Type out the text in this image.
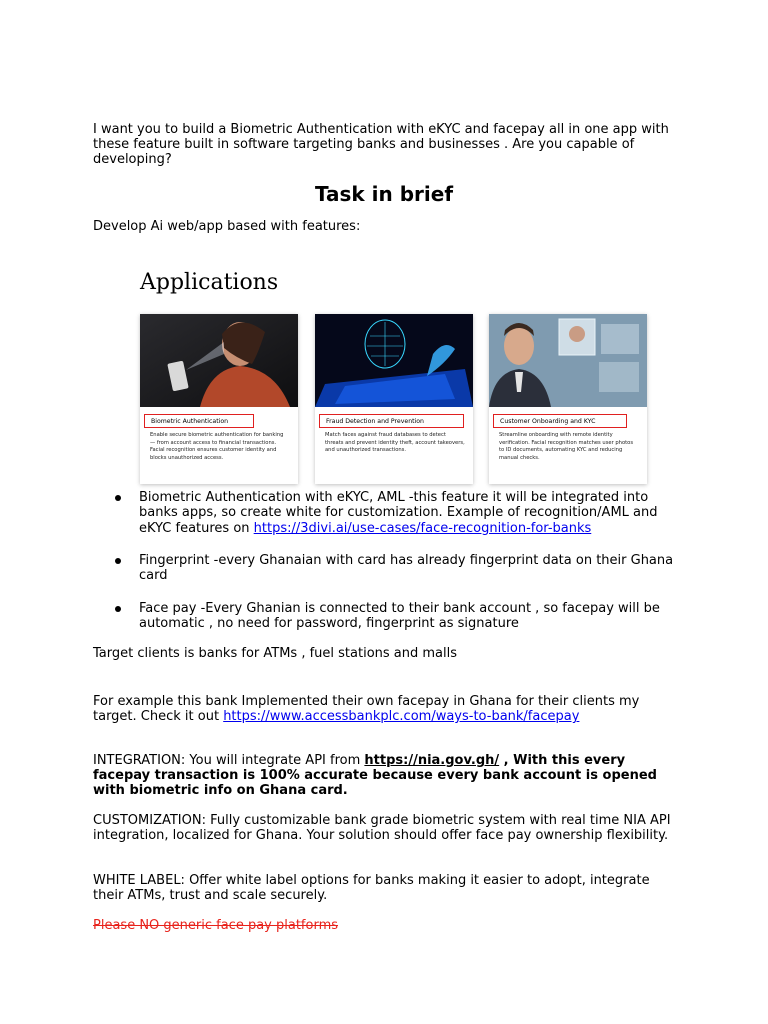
I want you to build a Biometric Authentication with eKYC and facepay all in one app with these feature built in software targeting banks and businesses . Are you capable of developing?
Task in brief
Develop Ai web/app based with features:
Applications
Biometric Authentication
Enable secure biometric authentication for banking — from account access to financial transactions. Facial recognition ensures customer identity and blocks unauthorized access.
Fraud Detection and Prevention
Match faces against fraud databases to detect threats and prevent identity theft, account takeovers, and unauthorized transactions.
Customer Onboarding and KYC
Streamline onboarding with remote identity verification. Facial recognition matches user photos to ID documents, automating KYC and reducing manual checks.
Biometric Authentication with eKYC, AML -this feature it will be integrated into banks apps, so create white for customization. Example of recognition/AML and eKYC features on https://3divi.ai/use-cases/face-recognition-for-banks
Fingerprint -every Ghanaian with card has already fingerprint data on their Ghana card
Face pay -Every Ghanian is connected to their bank account , so facepay will be automatic , no need for password, fingerprint as signature
Target clients is banks for ATMs , fuel stations and malls
For example this bank Implemented their own facepay in Ghana for their clients my target. Check it out https://www.accessbankplc.com/ways-to-bank/facepay
INTEGRATION: You will integrate API from https://nia.gov.gh/ , With this every facepay transaction is 100% accurate because every bank account is opened with biometric info on Ghana card.
CUSTOMIZATION: Fully customizable bank grade biometric system with real time NIA API integration, localized for Ghana. Your solution should offer face pay ownership flexibility.
WHITE LABEL: Offer white label options for banks making it easier to adopt, integrate their ATMs, trust and scale securely.
Please NO generic face pay platforms
